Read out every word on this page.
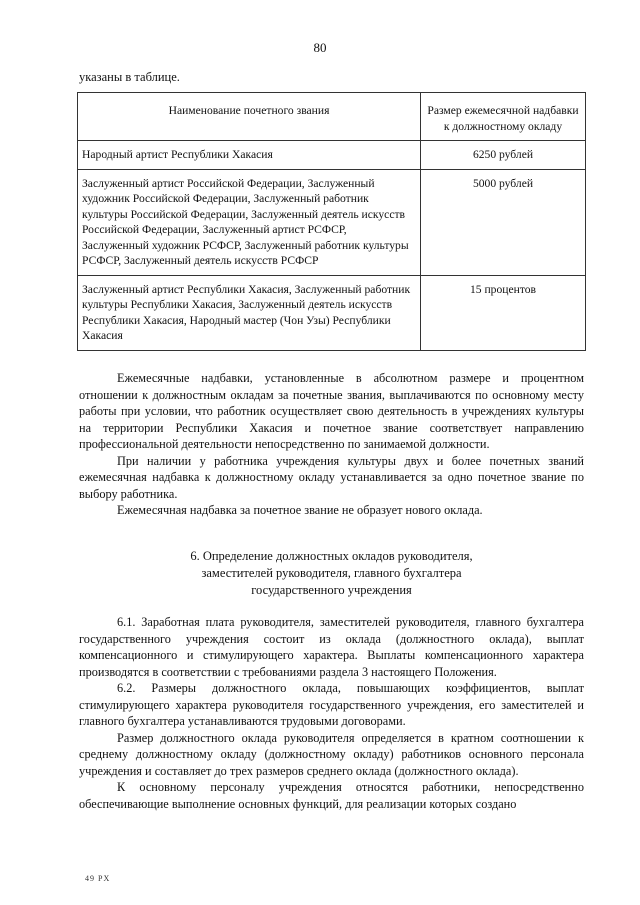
80
указаны в таблице.
Наименование почетного звания	Размер ежемесячной надбавки к должностному окладу
Народный артист Республики Хакасия	6250 рублей
Заслуженный артист Российской Федерации, Заслуженный художник Российской Федерации, Заслуженный работник культуры Российской Федерации, Заслуженный деятель искусств Российской Федерации, Заслуженный артист РСФСР, Заслуженный художник РСФСР, Заслуженный работник культуры РСФСР, Заслуженный деятель искусств РСФСР	5000 рублей
Заслуженный артист Республики Хакасия, Заслуженный работник культуры Республики Хакасия, Заслуженный деятель искусств Республики Хакасия, Народный мастер (Чон Узы) Республики Хакасия	15 процентов

Ежемесячные надбавки, установленные в абсолютном размере и процентном отношении к должностным окладам за почетные звания, выплачиваются по основному месту работы при условии, что работник осуществляет свою деятельность в учреждениях культуры на территории Республики Хакасия и почетное звание соответствует направлению профессиональной деятельности непосредственно по занимаемой должности.

При наличии у работника учреждения культуры двух и более почетных званий ежемесячная надбавка к должностному окладу устанавливается за одно почетное звание по выбору работника.

Ежемесячная надбавка за почетное звание не образует нового оклада.

6. Определение должностных окладов руководителя,
заместителей руководителя, главного бухгалтера
государственного учреждения

6.1. Заработная плата руководителя, заместителей руководителя, главного бухгалтера государственного учреждения состоит из оклада (должностного оклада), выплат компенсационного и стимулирующего характера. Выплаты компенсационного характера производятся в соответствии с требованиями раздела 3 настоящего Положения.

6.2. Размеры должностного оклада, повышающих коэффициентов, выплат стимулирующего характера руководителя государственного учреждения, его заместителей и главного бухгалтера устанавливаются трудовыми договорами.

Размер должностного оклада руководителя определяется в кратном соотношении к среднему должностному окладу (должностному окладу) работников основного персонала учреждения и составляет до трех размеров среднего оклада (должностного оклада).

К основному персоналу учреждения относятся работники, непосредственно обеспечивающие выполнение основных функций, для реализации которых создано

49 PX
